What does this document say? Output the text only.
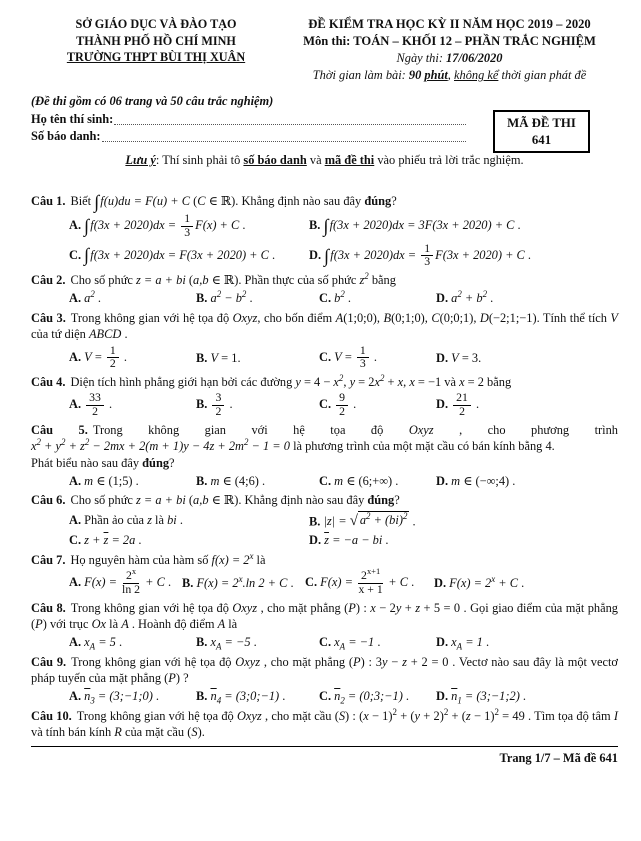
SỞ GIÁO DỤC VÀ ĐÀO TẠO
THÀNH PHỐ HỒ CHÍ MINH
TRƯỜNG THPT BÙI THỊ XUÂN
ĐỀ KIỂM TRA HỌC KỲ II NĂM HỌC 2019 – 2020
Môn thi: TOÁN – KHỐI 12 – PHẦN TRẮC NGHIỆM
Ngày thi: 17/06/2020
Thời gian làm bài: 90 phút, không kể thời gian phát đề

(Đề thi gồm có 06 trang và 50 câu trắc nghiệm)

Họ tên thí sinh:
Số báo danh:
MÃ ĐỀ THI
641

Lưu ý: Thí sinh phải tô số báo danh và mã đề thi vào phiếu trả lời trắc nghiệm.

Câu 1. Biết ∫f(u)du = F(u) + C (C ∈ ℝ). Khẳng định nào sau đây đúng?

A. $\int f(3x + 2020)dx = \frac{1}{3} F(x) + C$ .	B. ∫f(3x + 2020)dx = 3F(3x + 2020) + C .
C. ∫f(3x + 2020)dx = F(3x + 2020) + C .	D. $\int f(3x + 2020)dx = \frac{1}{3} F(3x + 2020) + C$ .

Câu 2. Cho số phức z = a + bi (a,b ∈ ℝ). Phần thực của số phức $z^2$ bằng

A. $a^2$ .	B. $a^2 - b^2$ .	C. $b^2$ .	D. $a^2 + b^2$ .

Câu 3. Trong không gian với hệ tọa độ Oxyz, cho bốn điểm A(1;0;0), B(0;1;0), C(0;0;1), D(−2;1;−1). Tính thể tích V của tứ diện ABCD .

A. $V = \frac{1}{2}$ .	B. V = 1.	C. $V = \frac{1}{3}$ .	D. V = 3.

Câu 4. Diện tích hình phẳng giới hạn bởi các đường $y = 4 - x^2$, $y = 2x^2 + x$, x = −1 và x = 2 bằng

A. $\frac{33}{2}$ .	B. $\frac{3}{2}$ .	C. $\frac{9}{2}$ .	D. $\frac{21}{2}$ .

Câu 5. Trong không gian với hệ tọa độ Oxyz , cho phương trình

$x^2 + y^2 + z^2 - 2mx + 2(m + 1)y - 4z + 2m^2 - 1 = 0$ là phương trình của một mặt cầu có bán kính bằng 4.

Phát biểu nào sau đây đúng?

A. m ∈ (1;5) .	B. m ∈ (4;6) .	C. m ∈ (6;+∞) .	D. m ∈ (−∞;4) .

Câu 6. Cho số phức z = a + bi (a,b ∈ ℝ). Khẳng định nào sau đây đúng?

A. Phần ảo của z là bi .	B. |z| = √ $a^2 + (bi)^2$ .
C. $z + \overline{z} = 2a$ .	D. $\overline{z} = -a$ − bi .

Câu 7. Họ nguyên hàm của hàm số $f(x) = 2^x$ là

A. $F(x) = \frac{2^x}{\ln 2} + C$ . B. $F(x) = 2^x.\ln$ 2 + C . C. $F(x) = \frac{2^{x+1}}{x + 1} + C$ .	D. $F(x) = 2^x + C$ .

Câu 8. Trong không gian với hệ tọa độ Oxyz , cho mặt phẳng (P) : x − 2y + z + 5 = 0 . Gọi giao điểm của mặt phẳng (P) với trục Ox là A . Hoành độ điểm A là

A. $x_A = 5$ .	B. $x_A = -5$ .	C. $x_A = -1$ .	D. $x_A = 1$ .

Câu 9. Trong không gian với hệ tọa độ Oxyz , cho mặt phẳng (P) : 3y − z + 2 = 0 . Vectơ nào sau đây là một vectơ pháp tuyến của mặt phẳng (P) ?

A. $\overline{n}_3$ = (3;−1;0) .	B. $\overline{n}_4$ = (3;0;−1) .	C. $\overline{n}_2$ = (0;3;−1) .	D. $\overline{n}_1$ = (3;−1;2) .

Câu 10. Trong không gian với hệ tọa độ Oxyz , cho mặt cầu (S) : $(x - 1)^2 + (y + 2)^2 + (z - 1)^2 = 49$ . Tìm tọa độ tâm I và tính bán kính R của mặt cầu (S).

Trang 1/7 – Mã đề 641
